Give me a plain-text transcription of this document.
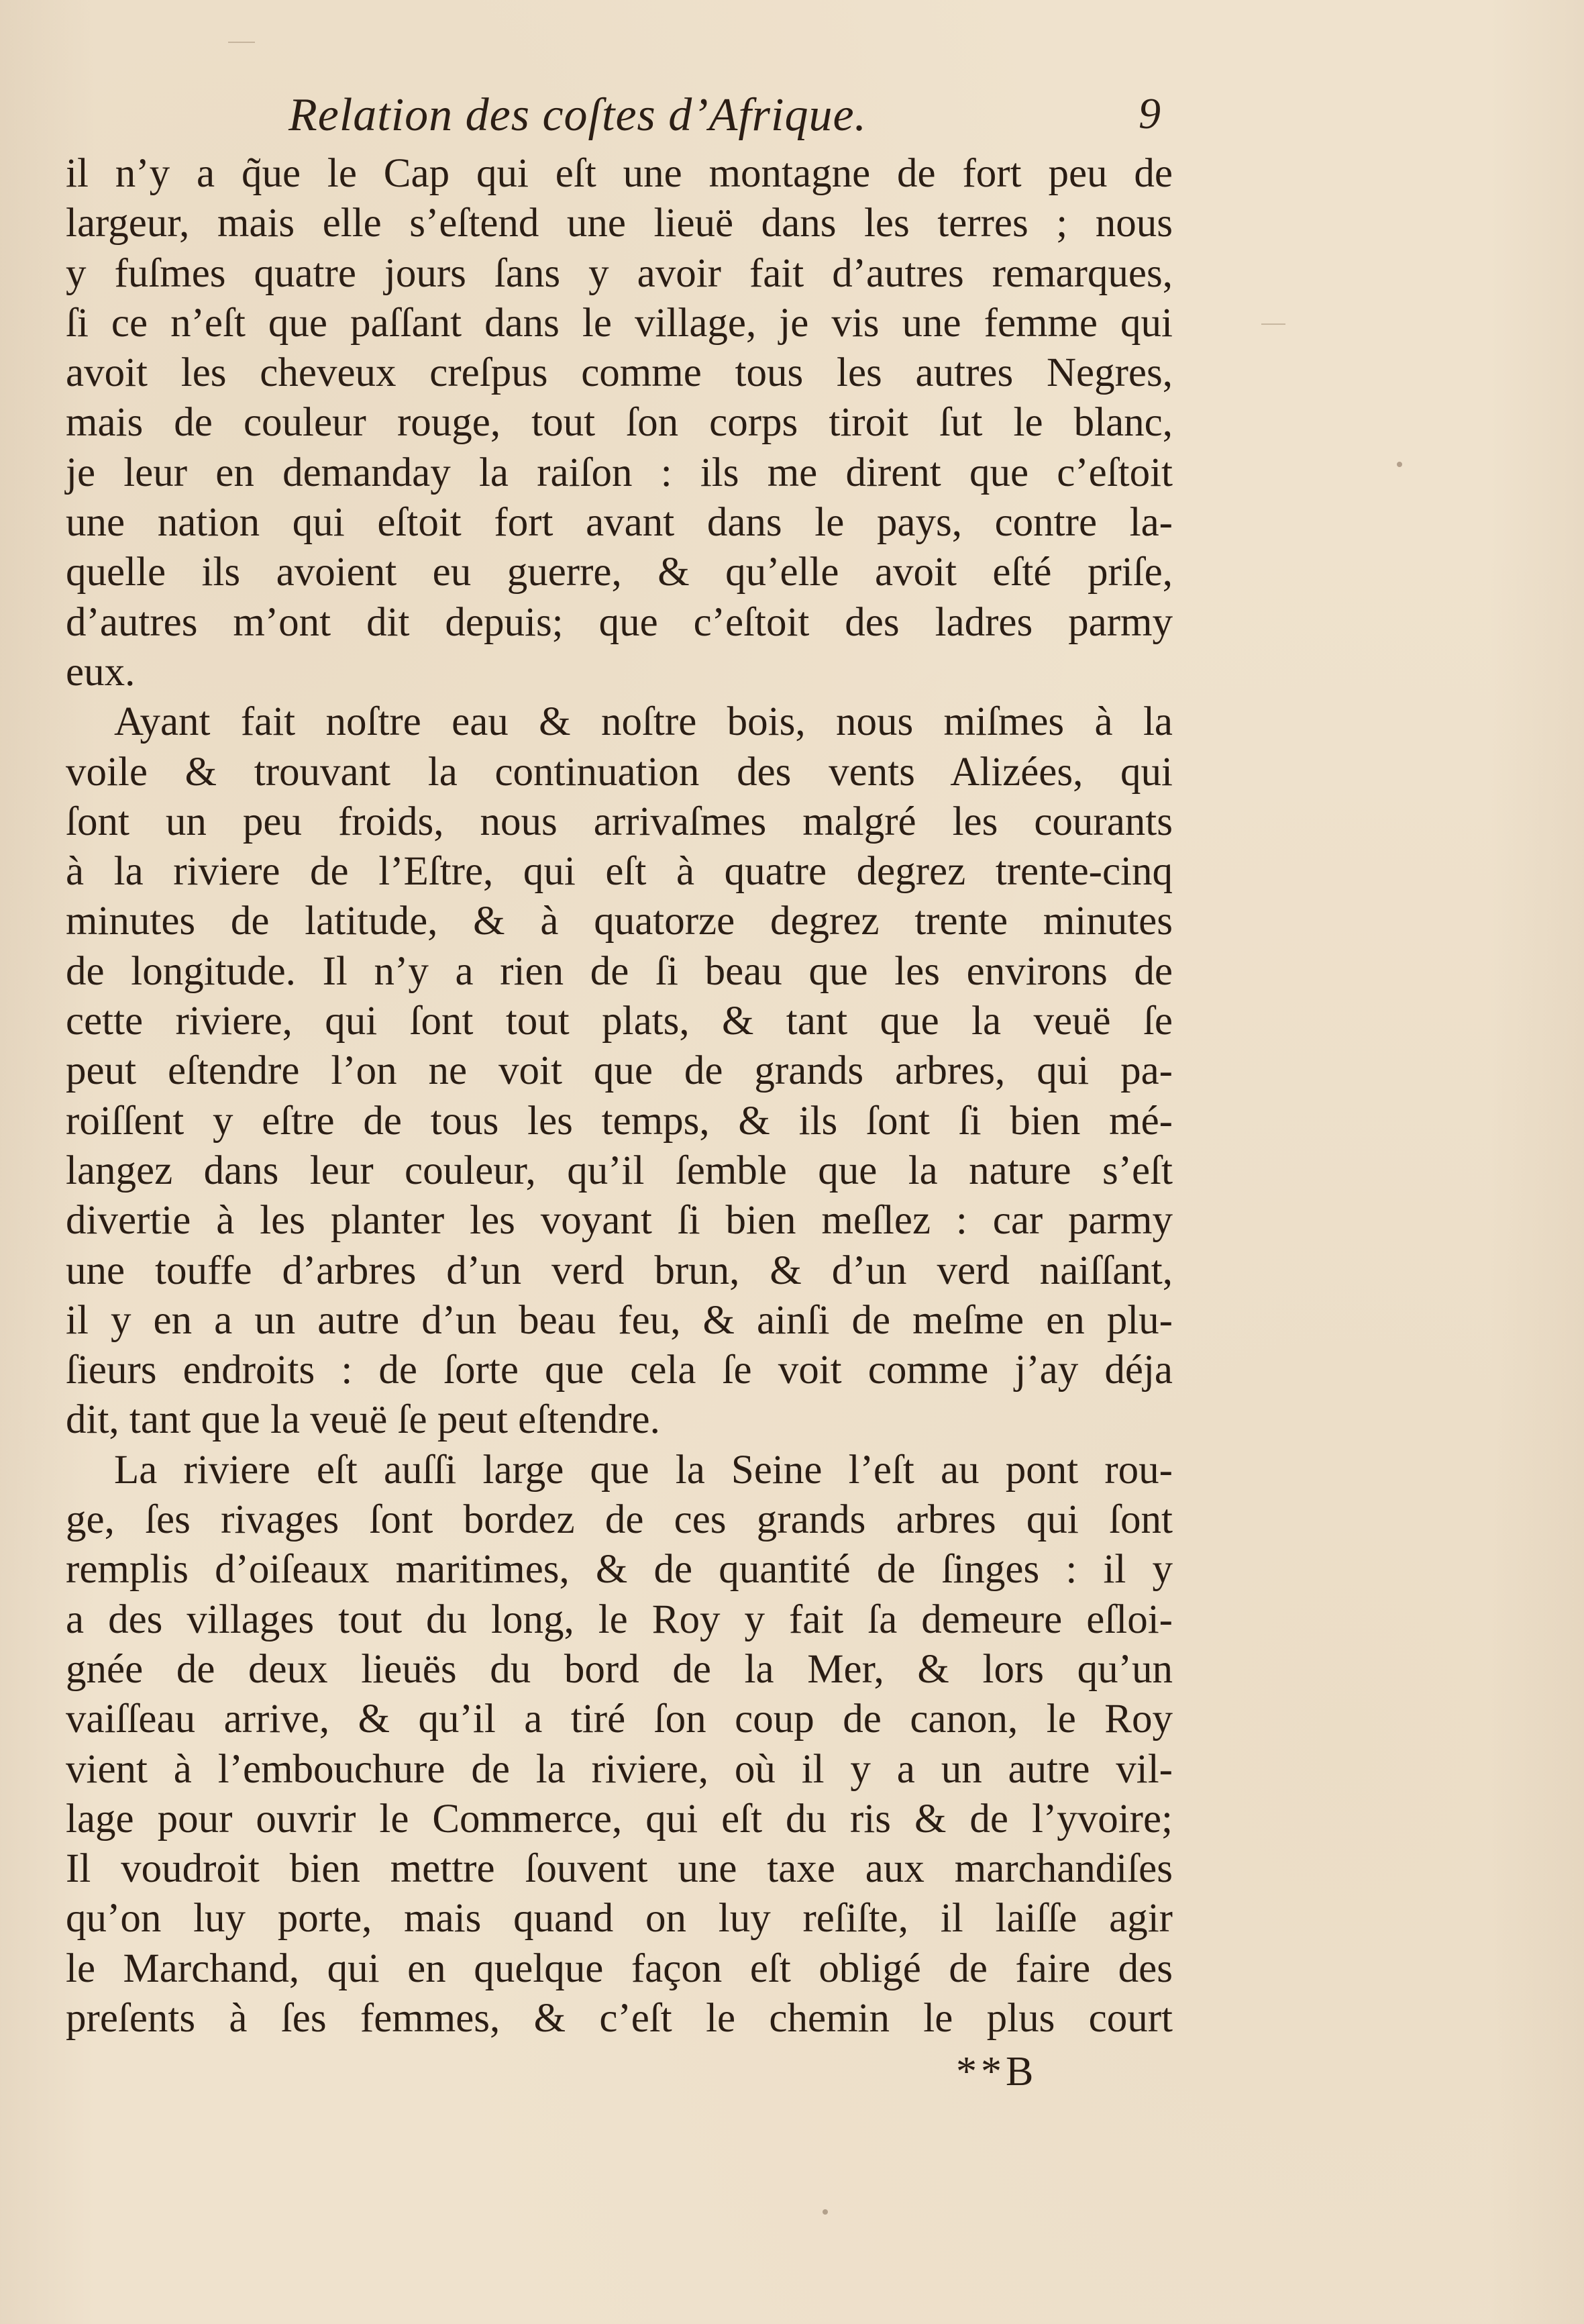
Relation des coſtes d’Afrique.	9
il n’y a q̃ue le Cap qui eſt une montagne de fort peu de
largeur, mais elle s’eſtend une lieuë dans les terres ; nous
y fuſmes quatre jours ſans y avoir fait d’autres remarques,
ſi ce n’eſt que paſſant dans le village, je vis une femme qui
avoit les cheveux creſpus comme tous les autres Negres,
mais de couleur rouge, tout ſon corps tiroit ſut le blanc,
je leur en demanday la raiſon : ils me dirent que c’eſtoit
une nation qui eſtoit fort avant dans le pays, contre la-
quelle ils avoient eu guerre, & qu’elle avoit eſté priſe,
d’autres m’ont dit depuis; que c’eſtoit des ladres parmy
eux.
Ayant fait noſtre eau & noſtre bois, nous miſmes à la
voile & trouvant la continuation des vents Alizées, qui
ſont un peu froids, nous arrivaſmes malgré les courants
à la riviere de l’Eſtre, qui eſt à quatre degrez trente-cinq
minutes de latitude, & à quatorze degrez trente minutes
de longitude. Il n’y a rien de ſi beau que les environs de
cette riviere, qui ſont tout plats, & tant que la veuë ſe
peut eſtendre l’on ne voit que de grands arbres, qui pa-
roiſſent y eſtre de tous les temps, & ils ſont ſi bien mé-
langez dans leur couleur, qu’il ſemble que la nature s’eſt
divertie à les planter les voyant ſi bien meſlez : car parmy
une touffe d’arbres d’un verd brun, & d’un verd naiſſant,
il y en a un autre d’un beau feu, & ainſi de meſme en plu-
ſieurs endroits : de ſorte que cela ſe voit comme j’ay déja
dit, tant que la veuë ſe peut eſtendre.
La riviere eſt auſſi large que la Seine l’eſt au pont rou-
ge, ſes rivages ſont bordez de ces grands arbres qui ſont
remplis d’oiſeaux maritimes, & de quantité de ſinges : il y
a des villages tout du long, le Roy y fait ſa demeure eſloi-
gnée de deux lieuës du bord de la Mer, & lors qu’un
vaiſſeau arrive, & qu’il a tiré ſon coup de canon, le Roy
vient à l’embouchure de la riviere, où il y a un autre vil-
lage pour ouvrir le Commerce, qui eſt du ris & de l’yvoire;
Il voudroit bien mettre ſouvent une taxe aux marchandiſes
qu’on luy porte, mais quand on luy reſiſte, il laiſſe agir
le Marchand, qui en quelque façon eſt obligé de faire des
preſents à ſes femmes, & c’eſt le chemin le plus court
**B
